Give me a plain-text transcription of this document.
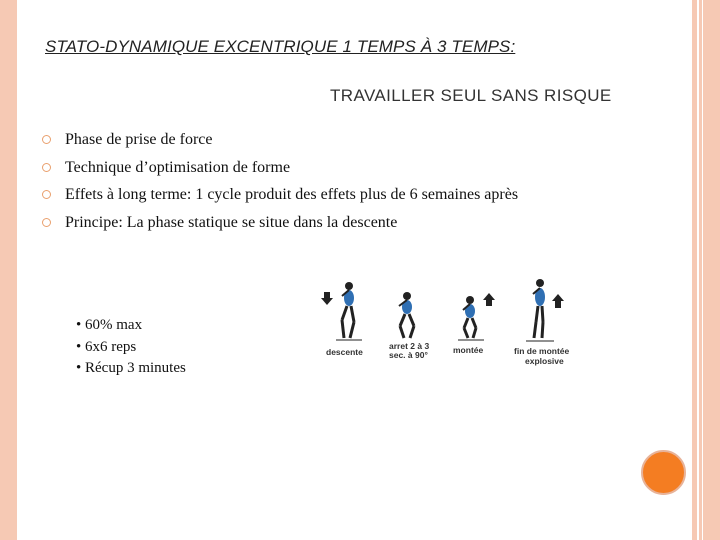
STATO-DYNAMIQUE EXCENTRIQUE 1 TEMPS À 3 TEMPS:
TRAVAILLER SEUL SANS RISQUE
Phase de prise de force
Technique d’optimisation de forme
Effets à long terme: 1 cycle produit des effets plus de 6 semaines après
Principe: La phase statique se situe dans la descente
• 60% max
• 6x6 reps
• Récup 3 minutes
descente
arret 2 à 3
sec. à 90°	montée	fin de montée
explosive
